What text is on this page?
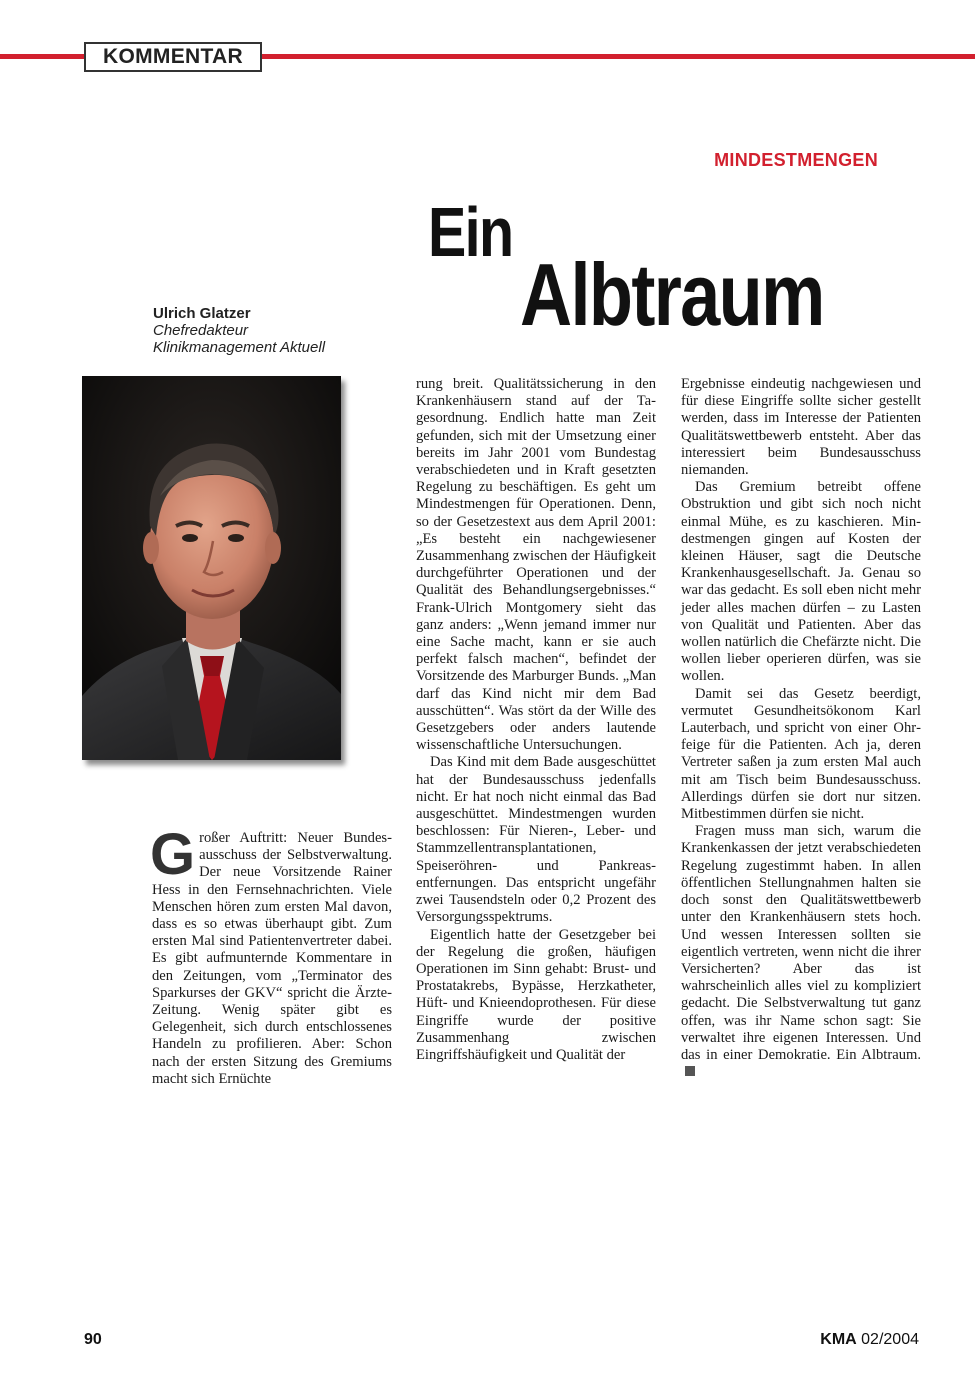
KOMMENTAR
MINDESTMENGEN
Ein
Albtraum
Ulrich Glatzer
Chefredakteur
Klinikmanagement Aktuell

Großer Auftritt: Neuer Bundesausschuss der Selbstverwaltung. Der neue Vorsitzende Rainer Hess in den Fernsehnachrichten. Viele Menschen hören zum ersten Mal davon, dass es so etwas überhaupt gibt. Zum ersten Mal sind Patientenvertreter dabei. Es gibt aufmunternde Kommentare in den Zeitungen, vom „Terminator des Sparkurses der GKV“ spricht die Ärzte-Zeitung. Wenig später gibt es Gelegenheit, sich durch entschlossenes Handeln zu profilieren. Aber: Schon nach der ersten Sitzung des Gremiums macht sich Ernüchte

rung breit. Qualitätssicherung in den Krankenhäusern stand auf der Tagesordnung. Endlich hatte man Zeit gefunden, sich mit der Umsetzung einer bereits im Jahr 2001 vom Bundestag verabschiedeten und in Kraft gesetzten Regelung zu beschäftigen. Es geht um Mindestmengen für Operationen. Denn, so der Gesetzestext aus dem April 2001: „Es besteht ein nachgewiesener Zusammenhang zwischen der Häufigkeit durchgeführter Operationen und der Qualität des Behandlungsergebnisses.“ Frank-Ulrich Montgomery sieht das ganz anders: „Wenn jemand immer nur eine Sache macht, kann er sie auch perfekt falsch machen“, befindet der Vorsitzende des Marburger Bunds. „Man darf das Kind nicht mir dem Bad ausschütten“. Was stört da der Wille des Gesetzgebers oder anders lautende wissenschaftliche Untersuchungen.

Das Kind mit dem Bade ausgeschüttet hat der Bundesausschuss jedenfalls nicht. Er hat noch nicht einmal das Bad ausgeschüttet. Mindestmengen wurden beschlossen: Für Nieren-, Leber- und Stammzellentransplantationen, Speiseröhren- und Pankreasentfernungen. Das entspricht ungefähr zwei Tausendsteln oder 0,2 Prozent des Versorgungsspektrums.

Eigentlich hatte der Gesetzgeber bei der Regelung die großen, häufigen Operationen im Sinn gehabt: Brust- und Prostatakrebs, Bypässe, Herzkatheter, Hüft- und Knieendoprothesen. Für diese Eingriffe wurde der positive Zusammenhang zwischen Eingriffshäufigkeit und Qualität der

Ergebnisse eindeutig nachgewiesen und für diese Eingriffe sollte sicher gestellt werden, dass im Interesse der Patienten Qualitätswettbewerb entsteht. Aber das interessiert beim Bundesausschuss niemanden.

Das Gremium betreibt offene Obstruktion und gibt sich noch nicht einmal Mühe, es zu kaschieren. Mindestmengen gingen auf Kosten der kleinen Häuser, sagt die Deutsche Krankenhausgesellschaft. Ja. Genau so war das gedacht. Es soll eben nicht mehr jeder alles machen dürfen – zu Lasten von Qualität und Patienten. Aber das wollen natürlich die Chefärzte nicht. Die wollen lieber operieren dürfen, was sie wollen.

Damit sei das Gesetz beerdigt, vermutet Gesundheitsökonom Karl Lauterbach, und spricht von einer Ohrfeige für die Patienten. Ach ja, deren Vertreter saßen ja zum ersten Mal auch mit am Tisch beim Bundesausschuss. Allerdings dürfen sie dort nur sitzen. Mitbestimmen dürfen sie nicht.

Fragen muss man sich, warum die Krankenkassen der jetzt verabschiedeten Regelung zugestimmt haben. In allen öffentlichen Stellungnahmen halten sie doch sonst den Qualitätswettbewerb unter den Krankenhäusern stets hoch. Und wessen Interessen sollten sie eigentlich vertreten, wenn nicht die ihrer Versicherten? Aber das ist wahrscheinlich alles viel zu kompliziert gedacht. Die Selbstverwaltung tut ganz offen, was ihr Name schon sagt: Sie verwaltet ihre eigenen Interessen. Und das in einer Demokratie. Ein Albtraum.

90	KMA 02/2004
